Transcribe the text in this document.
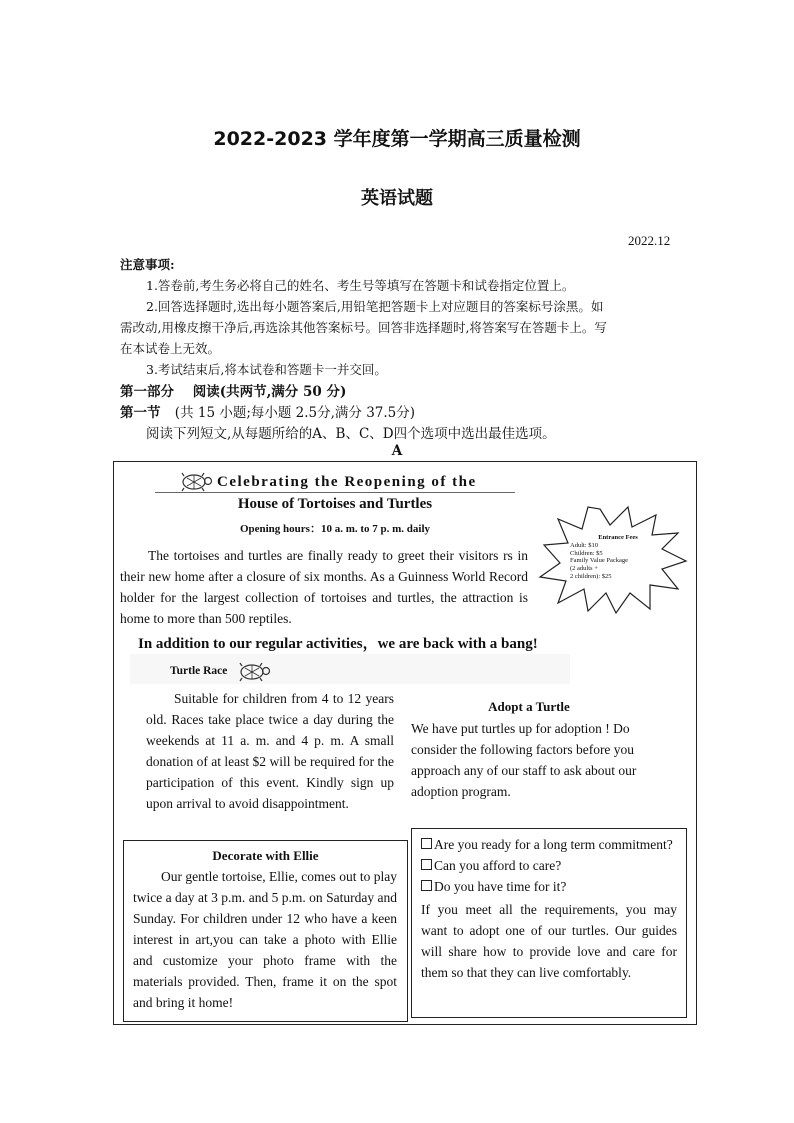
2022-2023 学年度第一学期高三质量检测
英语试题
2022.12
注意事项:
1.答卷前,考生务必将自己的姓名、考生号等填写在答题卡和试卷指定位置上。
2.回答选择题时,选出每小题答案后,用铅笔把答题卡上对应题目的答案标号涂黑。如
需改动,用橡皮擦干净后,再选涂其他答案标号。回答非选择题时,将答案写在答题卡上。写
在本试卷上无效。
3.考试结束后,将本试卷和答题卡一并交回。
第一部分 阅读(共两节,满分 50 分)
第一节 (共 15 小题;每小题 2.5分,满分 37.5分)
阅读下列短文,从每题所给的A、B、C、D四个选项中选出最佳选项。
A
Celebrating the Reopening of the
House of Tortoises and Turtles
Opening hours：10 a. m. to 7 p. m. daily
Entrance Fees
Adult: $10
Children: $5
Family Value Package
(2 adults +
2 children): $25
The tortoises and turtles are finally ready to greet their visitors rs in their new home after a closure of six months. As a Guinness World Record holder for the largest collection of tortoises and turtles, the attraction is home to more than 500 reptiles.
In addition to our regular activities，we are back with a bang!
Turtle Race
Suitable for children from 4 to 12 years old. Races take place twice a day during the weekends at 11 a. m. and 4 p. m. A small donation of at least $2 will be required for the participation of this event. Kindly sign up upon arrival to avoid disappointment.
Adopt a Turtle
We have put turtles up for adoption ! Do consider the following factors before you approach any of our staff to ask about our adoption program.
Are you ready for a long term commitment?
Can you afford to care?
Do you have time for it?
If you meet all the requirements, you may want to adopt one of our turtles. Our guides will share how to provide love and care for them so that they can live comfortably.
Decorate with Ellie
Our gentle tortoise, Ellie, comes out to play twice a day at 3 p.m. and 5 p.m. on Saturday and Sunday. For children under 12 who have a keen interest in art,you can take a photo with Ellie and customize your photo frame with the materials provided. Then, frame it on the spot and bring it home!
